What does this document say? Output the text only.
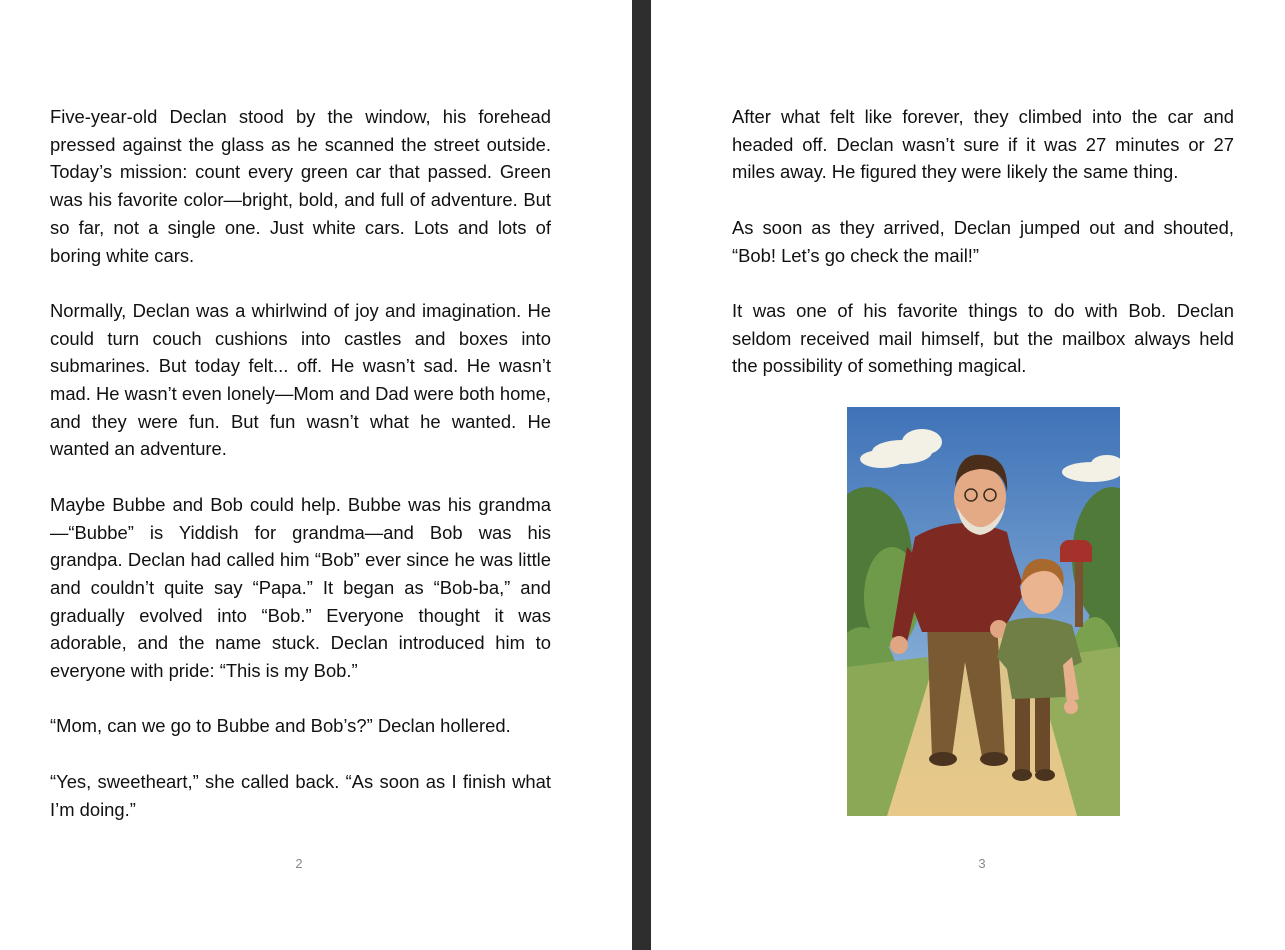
Five-year-old Declan stood by the window, his forehead pressed against the glass as he scanned the street outside. Today’s mission: count every green car that passed. Green was his favorite color—bright, bold, and full of adventure. But so far, not a single one. Just white cars. Lots and lots of boring white cars.

Normally, Declan was a whirlwind of joy and imagination. He could turn couch cushions into castles and boxes into submarines. But today felt... off. He wasn’t sad. He wasn’t mad. He wasn’t even lonely—Mom and Dad were both home, and they were fun. But fun wasn’t what he wanted. He wanted an adventure.

Maybe Bubbe and Bob could help. Bubbe was his grandma—“Bubbe” is Yiddish for grandma—and Bob was his grandpa. Declan had called him “Bob” ever since he was little and couldn’t quite say “Papa.” It began as “Bob-ba,” and gradually evolved into “Bob.” Everyone thought it was adorable, and the name stuck. Declan introduced him to everyone with pride: “This is my Bob.”

“Mom, can we go to Bubbe and Bob’s?” Declan hollered.

“Yes, sweetheart,” she called back. “As soon as I finish what I’m doing.”

2

After what felt like forever, they climbed into the car and headed off. Declan wasn’t sure if it was 27 minutes or 27 miles away. He figured they were likely the same thing.

As soon as they arrived, Declan jumped out and shouted, “Bob! Let’s go check the mail!”

It was one of his favorite things to do with Bob. Declan seldom received mail himself, but the mailbox always held the possibility of something magical.

3
